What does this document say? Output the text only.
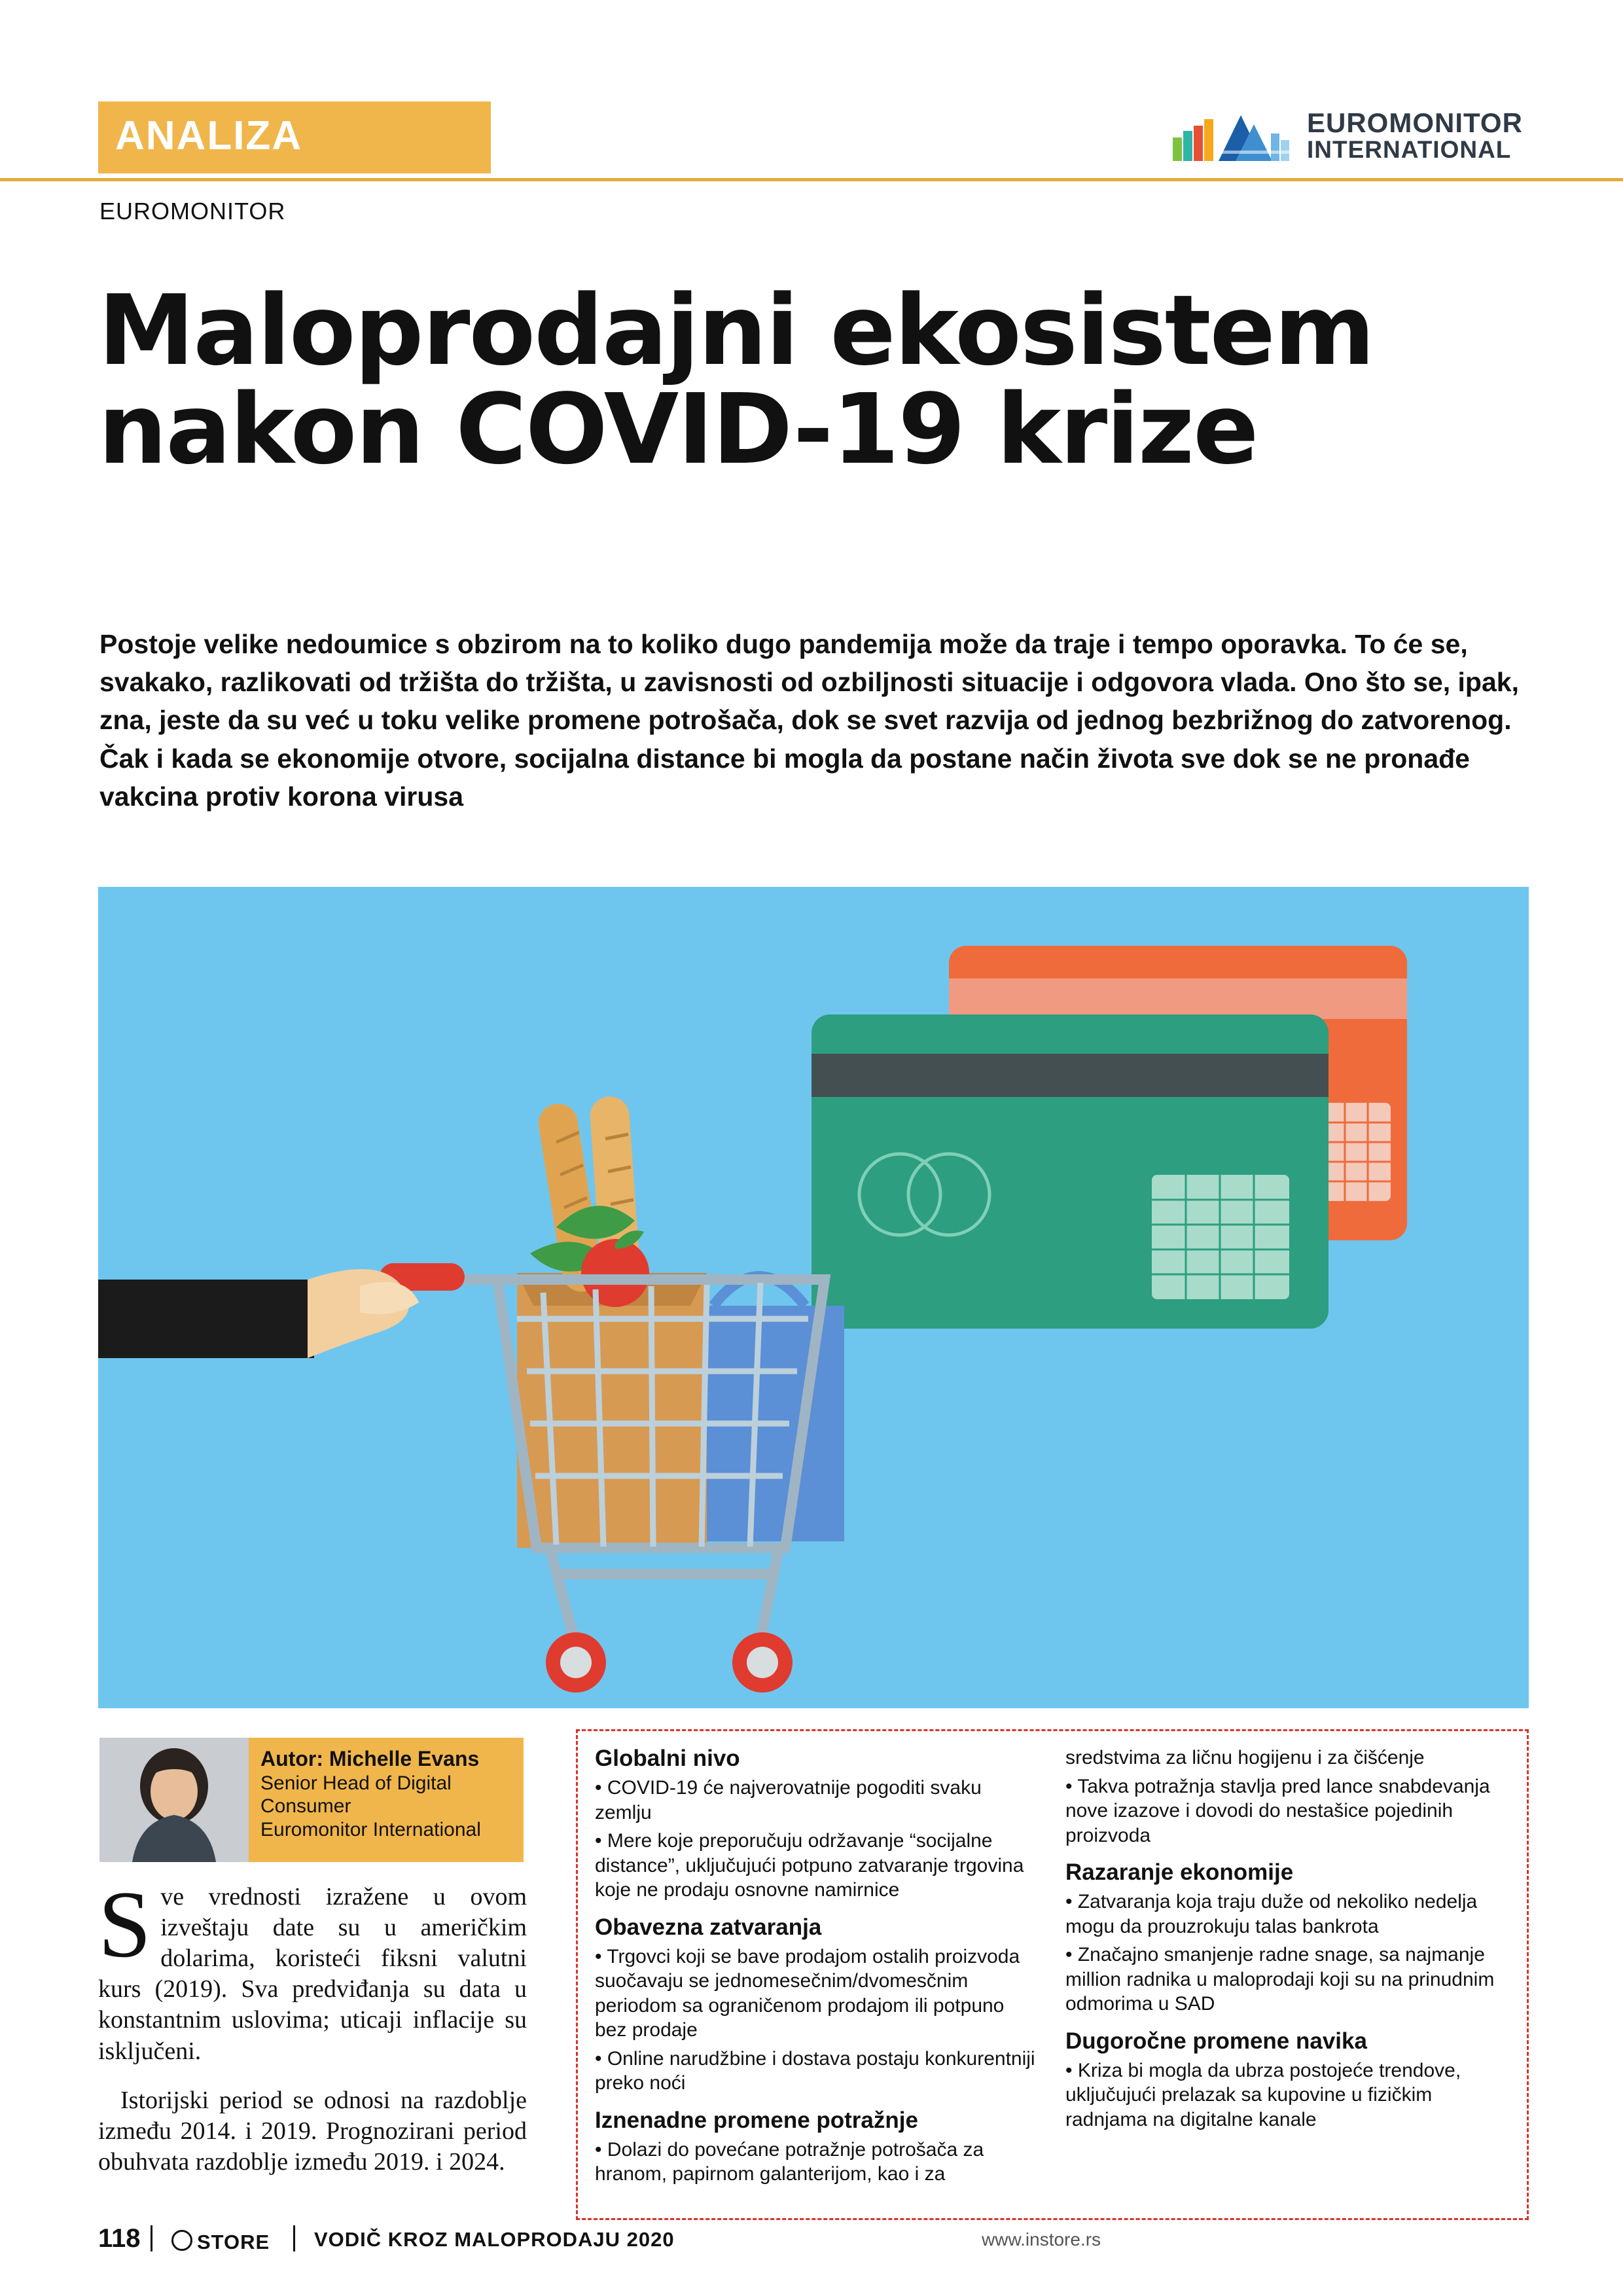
ANALIZA
EUROMONITOR
EUROMONITOR
INTERNATIONAL
Maloprodajni ekosistem
nakon COVID-19 krize
Postoje velike nedoumice s obzirom na to koliko dugo pandemija može da traje i tempo oporavka. To će se, svakako, razlikovati od tržišta do tržišta, u zavisnosti od ozbiljnosti situacije i odgovora vlada. Ono što se, ipak, zna, jeste da su već u toku velike promene potrošača, dok se svet razvija od jednog bezbrižnog do zatvorenog. Čak i kada se ekonomije otvore, socijalna distance bi mogla da postane način života sve dok se ne pronađe vakcina protiv korona virusa
Autor: Michelle Evans
Senior Head of Digital
Consumer
Euromonitor International

Sve vrednosti izražene u ovom izveštaju date su u američkim dolarima, koristeći fiksni valutni kurs (2019). Sva predviđanja su data u konstantnim uslovima; uticaji inflacije su isključeni.

Istorijski period se odnosi na razdoblje između 2014. i 2019. Prognozirani period obuhvata razdoblje između 2019. i 2024.

Globalni nivo
• COVID-19 će najverovatnije pogoditi svaku zemlju
• Mere koje preporučuju održavanje “socijalne distance”, uključujući potpuno zatvaranje trgovina koje ne prodaju osnovne namirnice
Obavezna zatvaranja
• Trgovci koji se bave prodajom ostalih proizvoda suočavaju se jednomesečnim/dvomesčnim periodom sa ograničenom prodajom ili potpuno bez prodaje
• Online narudžbine i dostava postaju konkurentniji preko noći
Iznenadne promene potražnje
• Dolazi do povećane potražnje potrošača za hranom, papirnom galanterijom, kao i za
sredstvima za ličnu hogijenu i za čišćenje
• Takva potražnja stavlja pred lance snabdevanja nove izazove i dovodi do nestašice pojedinih proizvoda
Razaranje ekonomije
• Zatvaranja koja traju duže od nekoliko nedelja mogu da prouzrokuju talas bankrota
• Značajno smanjenje radne snage, sa najmanje million radnika u maloprodaji koji su na prinudnim odmorima u SAD
Dugoročne promene navika
• Kriza bi mogla da ubrza postojeće trendove, uključujući prelazak sa kupovine u fizičkim radnjama na digitalne kanale
118	STORE VODIČ KROZ MALOPRODAJU 2020	www.instore.rs
